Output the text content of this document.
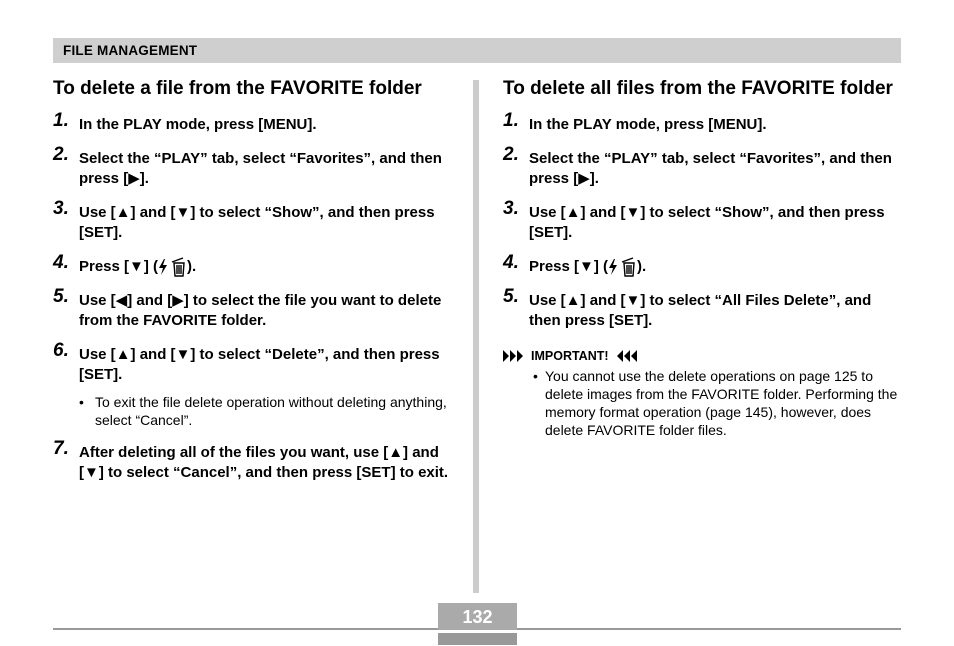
FILE MANAGEMENT
To delete a file from the FAVORITE folder
1. In the PLAY mode, press [MENU].
2. Select the “PLAY” tab, select “Favorites”, and then press [▶].
3. Use [▲] and [▼] to select “Show”, and then press [SET].
4. Press [▼] ( ).
5. Use [◀] and [▶] to select the file you want to delete from the FAVORITE folder.
6. Use [▲] and [▼] to select “Delete”, and then press [SET].
• To exit the file delete operation without deleting anything, select “Cancel”.
7. After deleting all of the files you want, use [▲] and [▼] to select “Cancel”, and then press [SET] to exit.
To delete all files from the FAVORITE folder
1. In the PLAY mode, press [MENU].
2. Select the “PLAY” tab, select “Favorites”, and then press [▶].
3. Use [▲] and [▼] to select “Show”, and then press [SET].
4. Press [▼] ( ).
5. Use [▲] and [▼] to select “All Files Delete”, and then press [SET].
IMPORTANT!
• You cannot use the delete operations on page 125 to delete images from the FAVORITE folder. Performing the memory format operation (page 145), however, does delete FAVORITE folder files.
132
